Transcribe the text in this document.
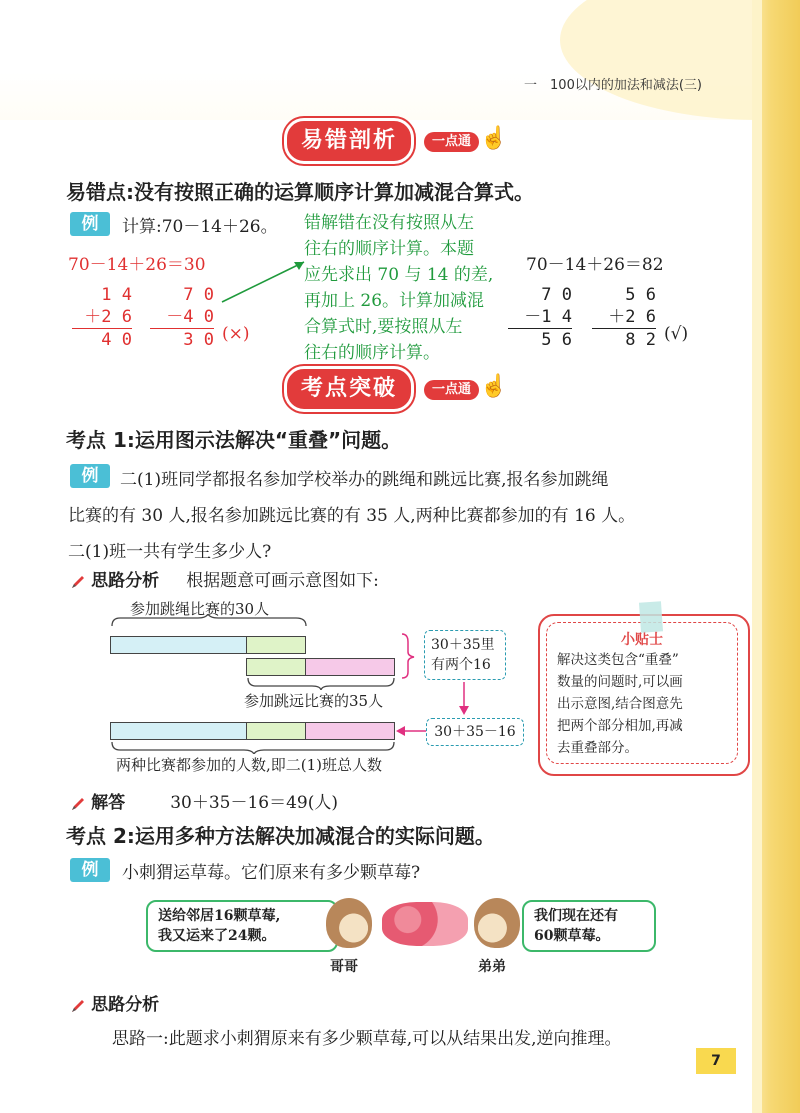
一　100以内的加法和减法(三)
易错剖析	一点通 ☝
易错点:没有按照正确的运算顺序计算加减混合算式。
例	计算:70－14＋26。
70－14＋26＝30
1 4
＋2 6
4 0
7 0
－4 0
3 0 (×)
错解错在没有按照从左
往右的顺序计算。本题
应先求出 70 与 14 的差,
再加上 26。计算加减混
合算式时,要按照从左
往右的顺序计算。
70－14＋26＝82
7 0
－1 4
5 6
5 6
＋2 6
8 2 (√)
考点突破	一点通 ☝
考点 1:运用图示法解决“重叠”问题。
例	二(1)班同学都报名参加学校举办的跳绳和跳远比赛,报名参加跳绳
比赛的有 30 人,报名参加跳远比赛的有 35 人,两种比赛都参加的有 16 人。
二(1)班一共有学生多少人?
思路分析 根据题意可画示意图如下:
参加跳绳比赛的30人
参加跳远比赛的35人
30＋35里
有两个16
30＋35－16
两种比赛都参加的人数,即二(1)班总人数
小贴士
解决这类包含“重叠”
数量的问题时,可以画
出示意图,结合图意先
把两个部分相加,再减
去重叠部分。
解答	30＋35－16＝49(人)
考点 2:运用多种方法解决加减混合的实际问题。
例	小刺猬运草莓。它们原来有多少颗草莓?
送给邻居16颗草莓,
我又运来了24颗。
我们现在还有
60颗草莓。
哥哥	弟弟
思路分析
思路一:此题求小刺猬原来有多少颗草莓,可以从结果出发,逆向推理。
7
